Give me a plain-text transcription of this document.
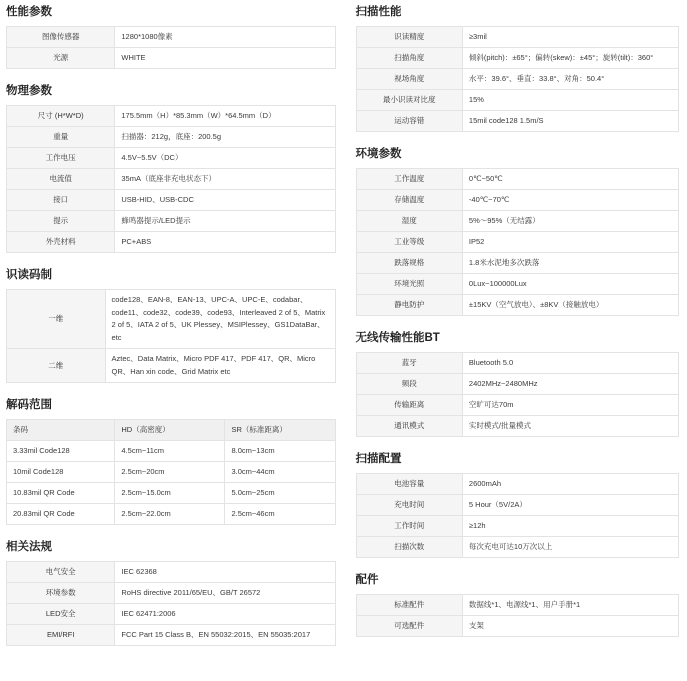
性能参数
图像传感器	1280*1080像素
光源	WHITE
物理参数
尺寸 (H*W*D)	175.5mm（H）*85.3mm（W）*64.5mm（D）
重量	扫描器：212g，底座：200.5g
工作电压	4.5V~5.5V（DC）
电流值	35mA（底座非充电状态下）
接口	USB-HID、USB-CDC
提示	蜂鸣器提示/LED提示
外壳材料	PC+ABS
识读码制
一维	code128、EAN-8、EAN-13、UPC-A、UPC-E、codabar、code11、code32、code39、code93、Interleaved 2 of 5、Matrix 2 of 5、IATA 2 of 5、UK Plessey、MSIPlessey、GS1DataBar、etc
二维	Aztec、Data Matrix、Micro PDF 417、PDF 417、QR、Micro QR、Han xin code、Grid Matrix etc
解码范围
条码	HD（高密度）	SR（标准距离）
3.33mil Code128	4.5cm~11cm	8.0cm~13cm
10mil Code128	2.5cm~20cm	3.0cm~44cm
10.83mil QR Code	2.5cm~15.0cm	5.0cm~25cm
20.83mil QR Code	2.5cm~22.0cm	2.5cm~46cm
相关法规
电气安全	IEC 62368
环境参数	RoHS directive 2011/65/EU、GB/T 26572
LED安全	IEC 62471:2006
EMI/RFI	FCC Part 15 Class B、EN 55032:2015、EN 55035:2017
扫描性能
识读精度	≥3mil
扫描角度	倾斜(pitch)：±65°；偏转(skew)：±45°；旋转(tilt)：360°
视场角度	水平：39.6°、垂直：33.8°、对角：50.4°
最小识读对比度	15%
运动容错	15mil code128 1.5m/S
环境参数
工作温度	0℃~50℃
存储温度	-40℃~70℃
湿度	5%～95%（无结露）
工业等级	IP52
跌落规格	1.8米水泥地多次跌落
环境光照	0Lux~100000Lux
静电防护	±15KV（空气放电）、±8KV（接触放电）
无线传输性能BT
蓝牙	Bluetooth 5.0
频段	2402MHz~2480MHz
传输距离	空旷可达70m
通讯模式	实时模式/批量模式
扫描配置
电池容量	2600mAh
充电时间	5 Hour（5V/2A）
工作时间	≥12h
扫描次数	每次充电可达10万次以上
配件
标准配件	数据线*1、电源线*1、用户手册*1
可选配件	支架
